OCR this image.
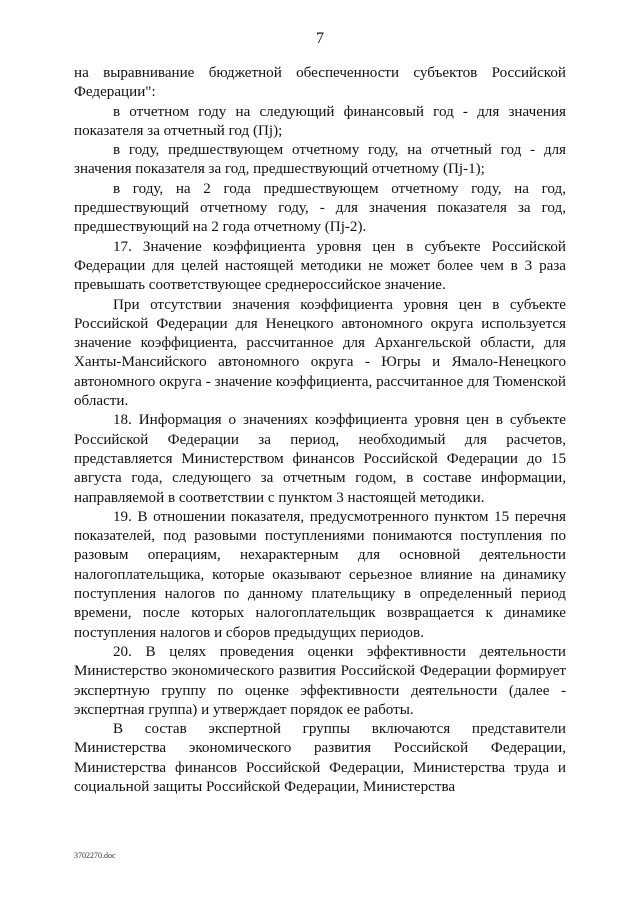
7

на выравнивание бюджетной обеспеченности субъектов Российской Федерации":

в отчетном году на следующий финансовый год - для значения показателя за отчетный год (Пj);

в году, предшествующем отчетному году, на отчетный год - для значения показателя за год, предшествующий отчетному (Пj-1);

в году, на 2 года предшествующем отчетному году, на год, предшествующий отчетному году, - для значения показателя за год, предшествующий на 2 года отчетному (Пj-2).

17. Значение коэффициента уровня цен в субъекте Российской Федерации для целей настоящей методики не может более чем в 3 раза превышать соответствующее среднероссийское значение.

При отсутствии значения коэффициента уровня цен в субъекте Российской Федерации для Ненецкого автономного округа используется значение коэффициента, рассчитанное для Архангельской области, для Ханты-Мансийского автономного округа - Югры и Ямало-Ненецкого автономного округа - значение коэффициента, рассчитанное для Тюменской области.

18. Информация о значениях коэффициента уровня цен в субъекте Российской Федерации за период, необходимый для расчетов, представляется Министерством финансов Российской Федерации до 15 августа года, следующего за отчетным годом, в составе информации, направляемой в соответствии с пунктом 3 настоящей методики.

19. В отношении показателя, предусмотренного пунктом 15 перечня показателей, под разовыми поступлениями понимаются поступления по разовым операциям, нехарактерным для основной деятельности налогоплательщика, которые оказывают серьезное влияние на динамику поступления налогов по данному плательщику в определенный период времени, после которых налогоплательщик возвращается к динамике поступления налогов и сборов предыдущих периодов.

20. В целях проведения оценки эффективности деятельности Министерство экономического развития Российской Федерации формирует экспертную группу по оценке эффективности деятельности (далее - экспертная группа) и утверждает порядок ее работы.

В состав экспертной группы включаются представители Министерства экономического развития Российской Федерации, Министерства финансов Российской Федерации, Министерства труда и социальной защиты Российской Федерации, Министерства

3702270.doc
